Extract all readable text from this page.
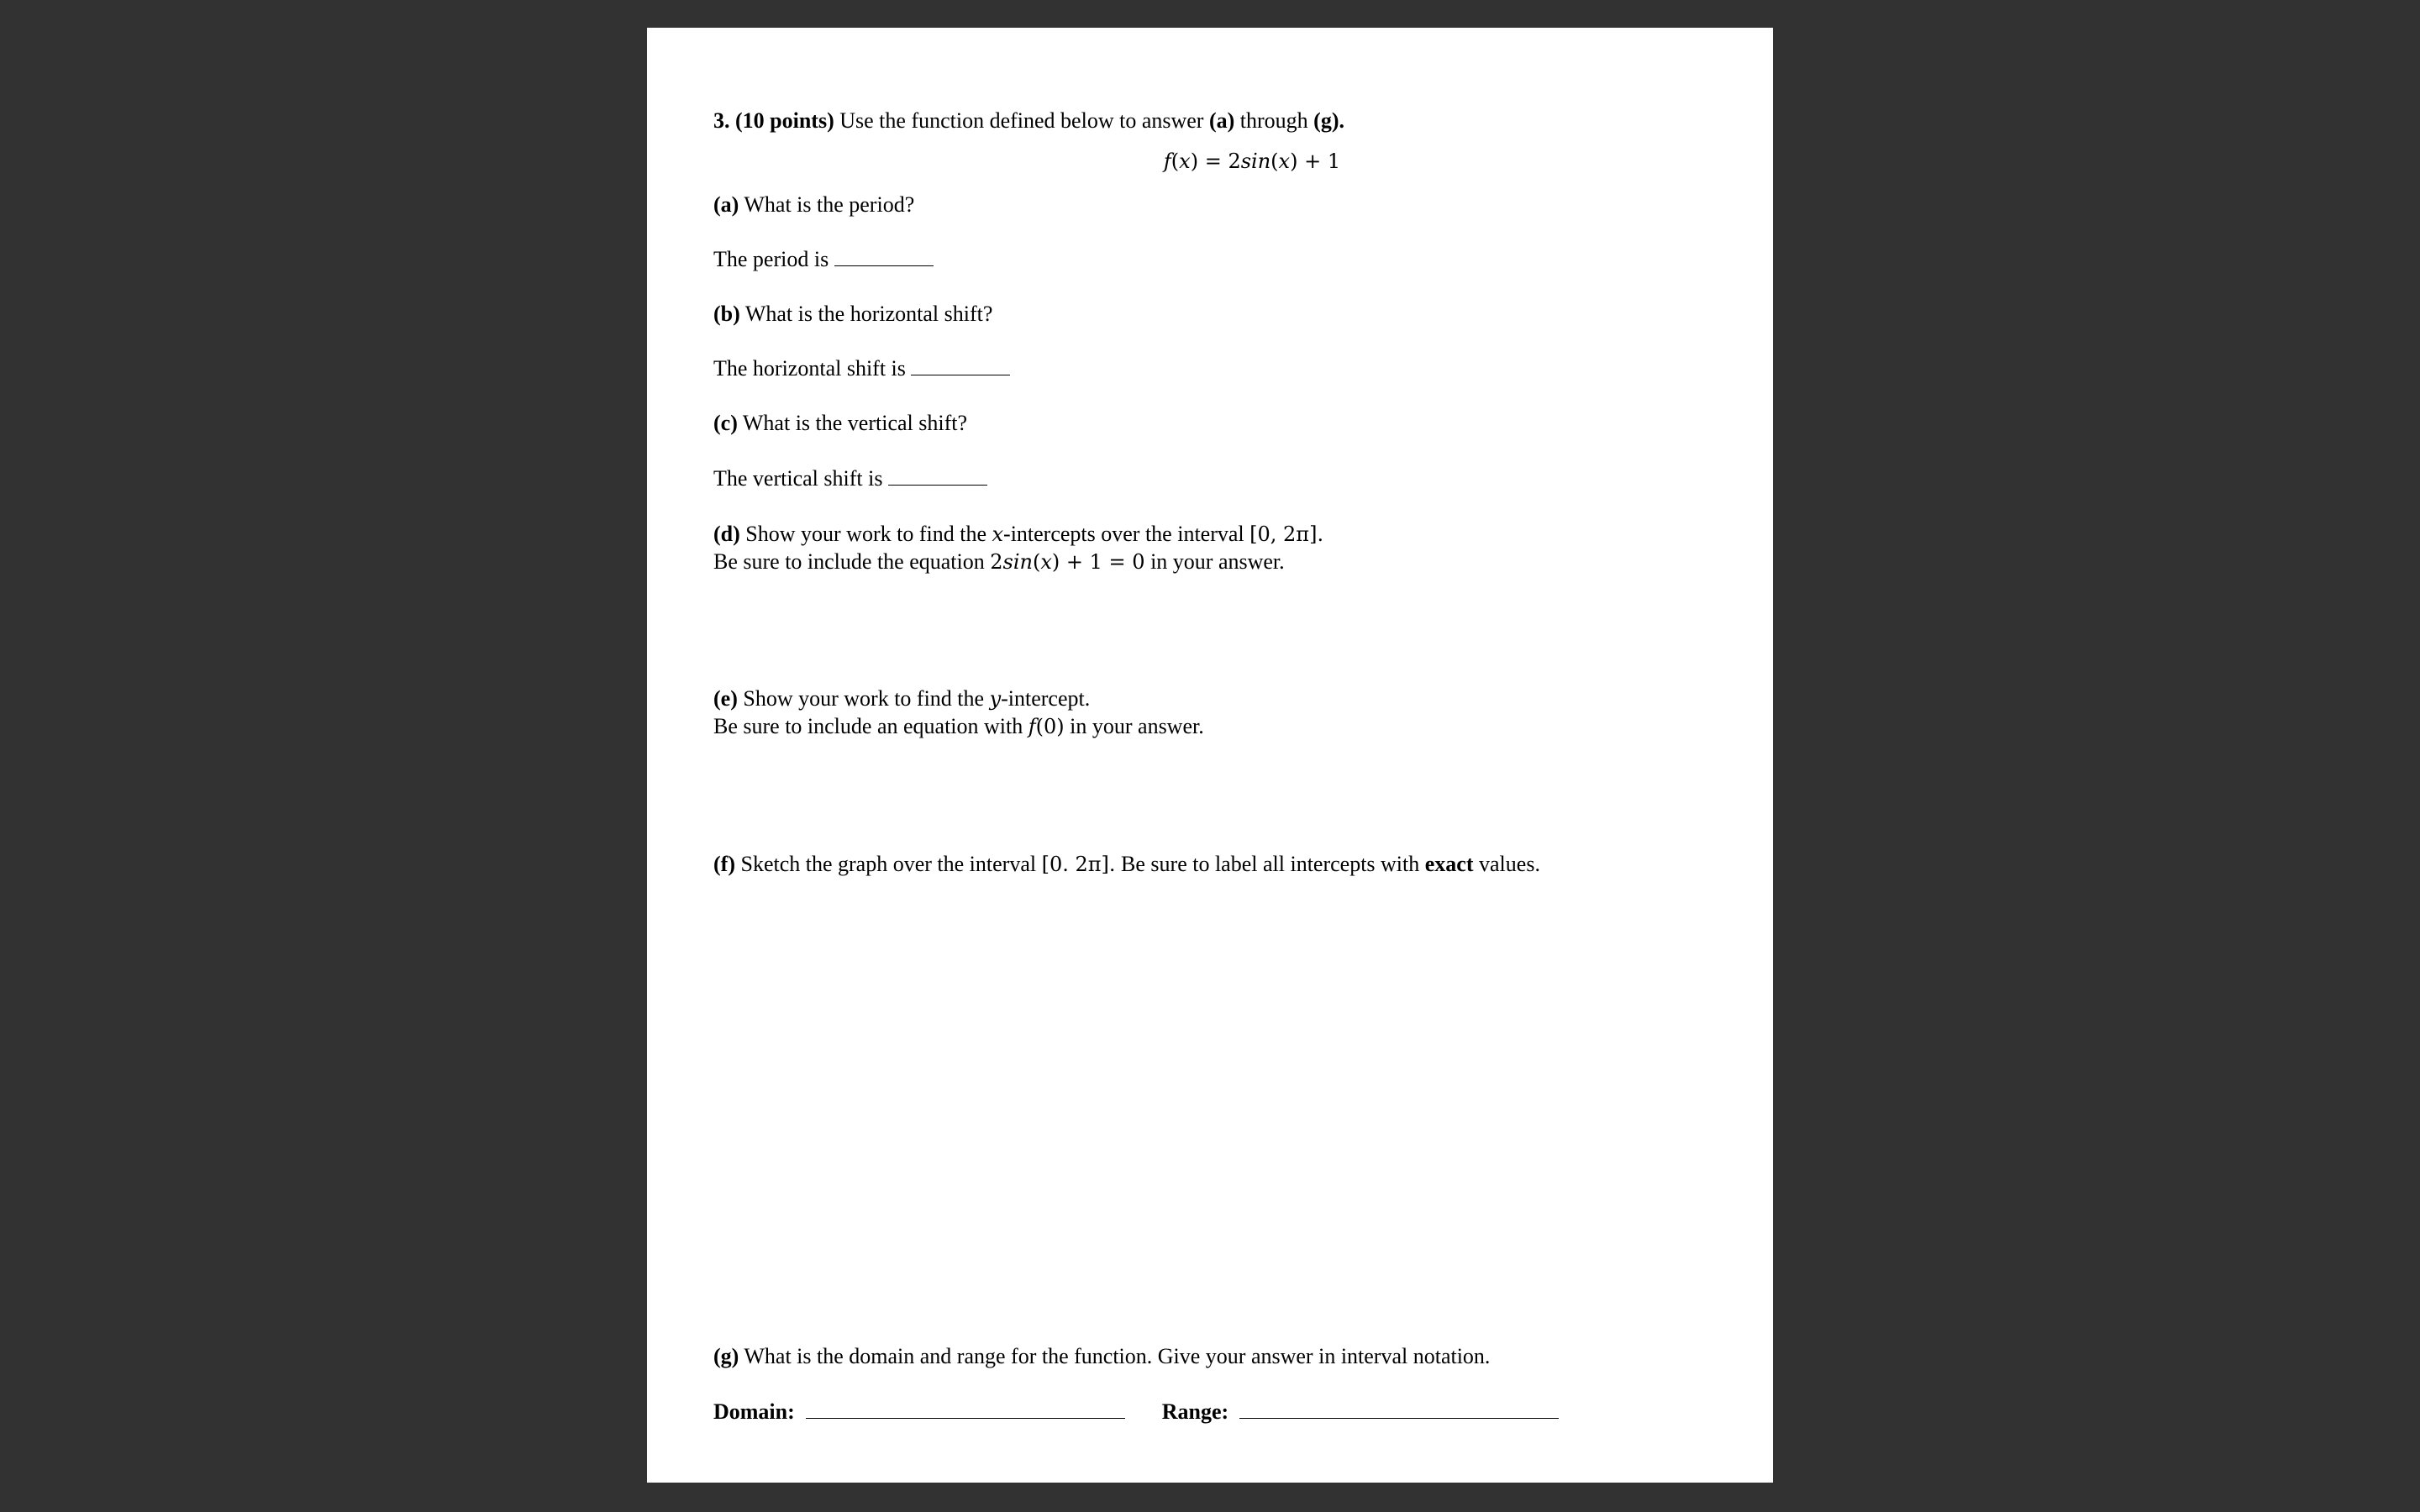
3. (10 points) Use the function defined below to answer (a) through (g).
f(x) = 2sin(x) + 1
(a) What is the period?
The period is
(b) What is the horizontal shift?
The horizontal shift is
(c) What is the vertical shift?
The vertical shift is
(d) Show your work to find the x-intercepts over the interval [0, 2π].
Be sure to include the equation 2sin(x) + 1 = 0 in your answer.
(e) Show your work to find the y-intercept.
Be sure to include an equation with f(0) in your answer.
(f) Sketch the graph over the interval [0. 2π]. Be sure to label all intercepts with exact values.
(g) What is the domain and range for the function. Give your answer in interval notation.
Domain:	Range:
